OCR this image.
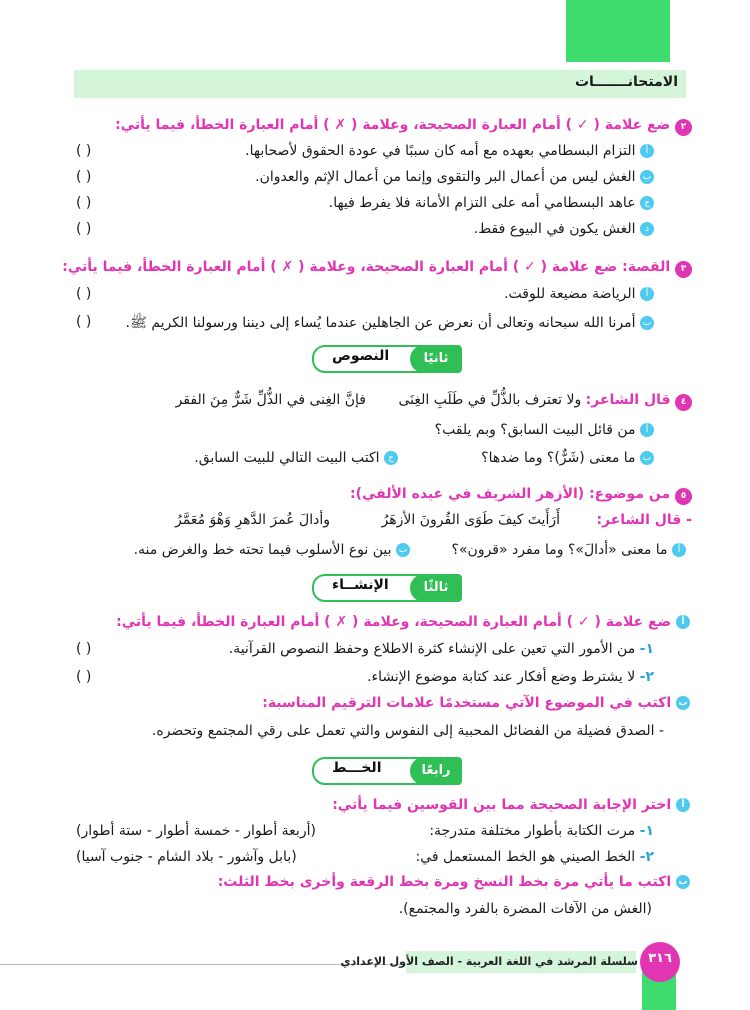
الامتحانـــــــات
٢ ضع علامة ( ✓ ) أمام العبارة الصحيحة، وعلامة ( ✗ ) أمام العبارة الخطأ، فيما يأتي:
أ التزام البسطامي بعهده مع أمه كان سببًا في عودة الحقوق لأصحابها.
( )
ب الغش ليس من أعمال البر والتقوى وإنما من أعمال الإثم والعدوان.
( )
ج عاهد البسطامي أمه على التزام الأمانة فلا يفرط فيها.
( )
د الغش يكون في البيوع فقط.
( )
٣ القصة: ضع علامة ( ✓ ) أمام العبارة الصحيحة، وعلامة ( ✗ ) أمام العبارة الخطأ، فيما يأتي:
أ الرياضة مضيعة للوقت.
( )
ب أمرنا الله سبحانه وتعالى أن نعرض عن الجاهلين عندما يُساء إلى ديننا ورسولنا الكريم ﷺ.
( )
ثانيًا
النصوص
٤ قال الشاعر: ولا تعترف بالذُّلِّ في طَلَبِ الغِنَى
فإنَّ الغِنى في الذُّلِّ شَرٌّ مِنَ الفقر
أ من قائل البيت السابق؟ وبم يلقب؟
ب ما معنى (شَرٌّ)؟ وما ضدها؟
ج اكتب البيت التالي للبيت السابق.
٥ من موضوع: (الأزهر الشريف في عيده الألفي):
- قال الشاعر:
أَرَأَيتَ كيفَ طَوَى القُرونَ الأزهَرُ
وأدالَ عُمرَ الدَّهرِ وَهْوَ مُعَمَّرُ
أ ما معنى «أدالَ»؟ وما مفرد «قرون»؟
ب بين نوع الأسلوب فيما تحته خط والغرض منه.
ثالثًا
الإنشــاء
أ ضع علامة ( ✓ ) أمام العبارة الصحيحة، وعلامة ( ✗ ) أمام العبارة الخطأ، فيما يأتي:
١- من الأمور التي تعين على الإنشاء كثرة الاطلاع وحفظ النصوص القرآنية.
( )
٢- لا يشترط وضع أفكار عند كتابة موضوع الإنشاء.
( )
ب اكتب في الموضوع الآتي مستخدمًا علامات الترقيم المناسبة:
- الصدق فضيلة من الفضائل المحببة إلى النفوس والتي تعمل على رقي المجتمع وتحضره.
رابعًا
الخـــط
أ اختر الإجابة الصحيحة مما بين القوسين فيما يأتي:
١- مرت الكتابة بأطوار مختلفة متدرجة:
(أربعة أطوار - خمسة أطوار - ستة أطوار)
٢- الخط الصيني هو الخط المستعمل في:
(بابل وآشور - بلاد الشام - جنوب آسيا)
ب اكتب ما يأتي مرة بخط النسخ ومرة بخط الرقعة وأخرى بخط الثلث:
(الغش من الآفات المضرة بالفرد والمجتمع).
سلسلة المرشد في اللغة العربية - الصف الأول الإعدادي ٣١٦
